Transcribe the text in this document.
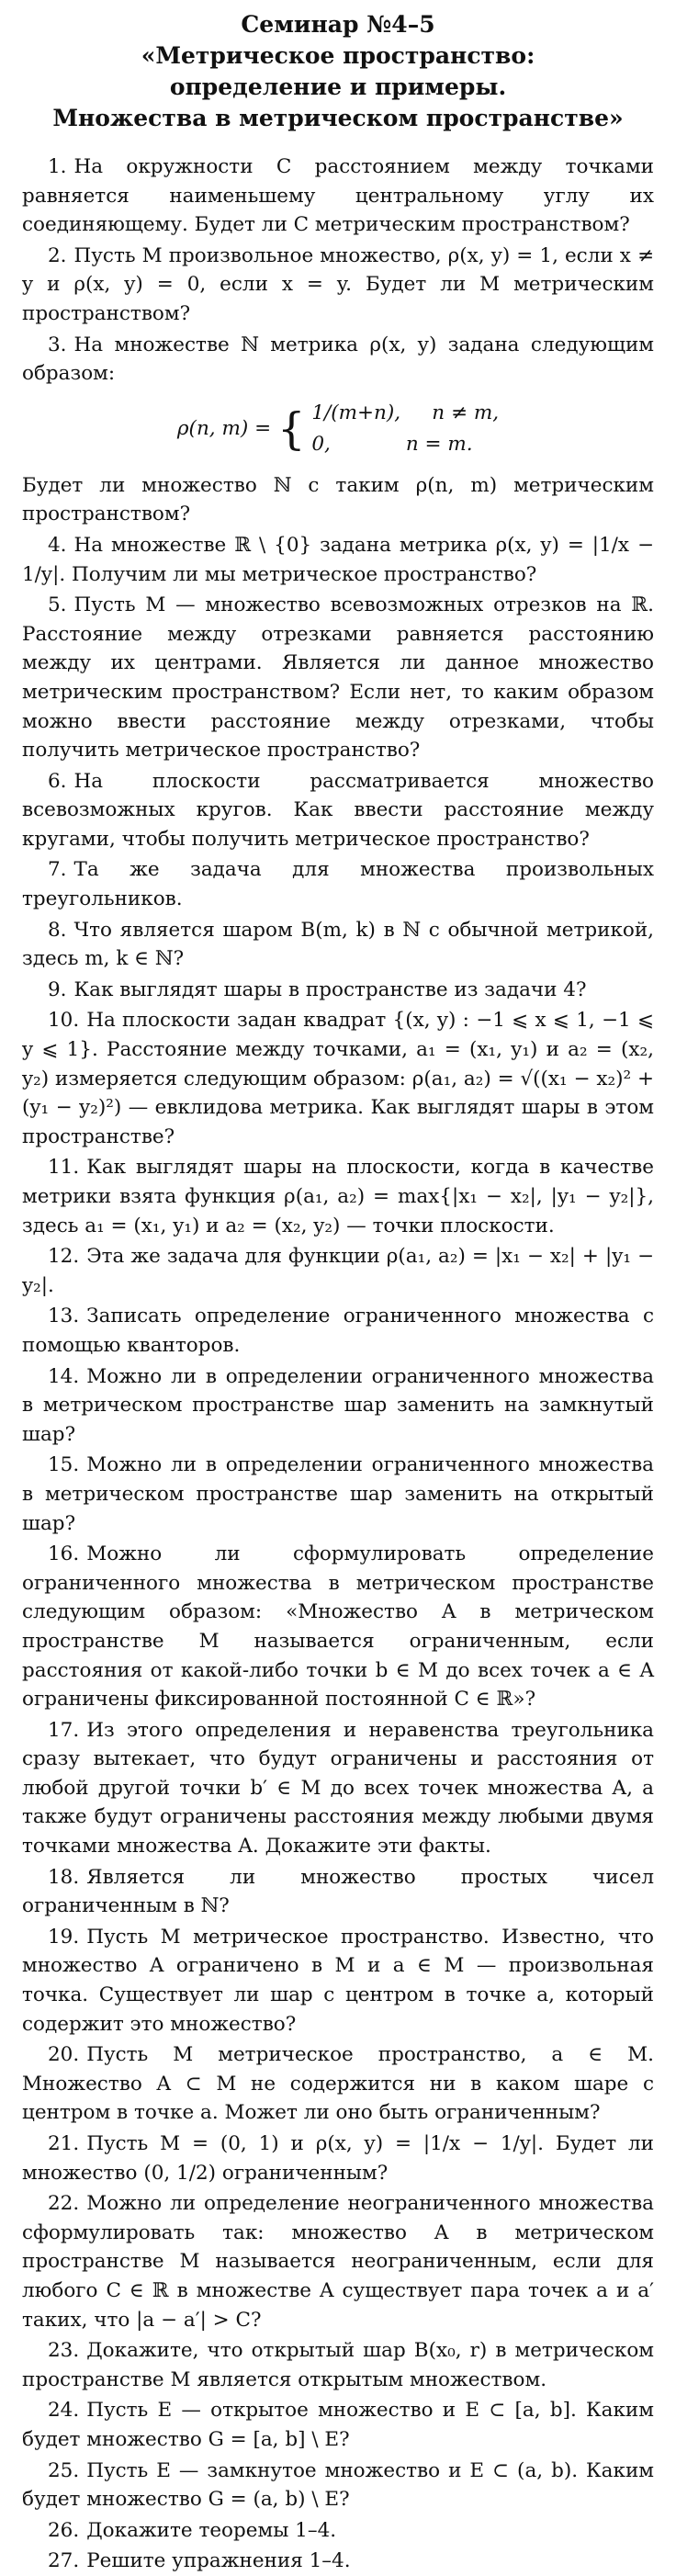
Семинар №4–5
«Метрическое пространство:
определение и примеры.
Множества в метрическом пространстве»

1. На окружности C расстоянием между точками равняется наименьшему центральному углу их соединяющему. Будет ли C метрическим пространством?

2. Пусть M произвольное множество, ρ(x, y) = 1, если x ≠ y и ρ(x, y) = 0, если x = y. Будет ли M метрическим пространством?

3. На множестве ℕ метрика ρ(x, y) задана следующим образом:

ρ(n, m) = { 1/(m+n), n ≠ m,
0,	n = m.

Будет ли множество ℕ с таким ρ(n, m) метрическим пространством?

4. На множестве ℝ \ {0} задана метрика ρ(x, y) = |1/x − 1/y|. Получим ли мы метрическое пространство?

5. Пусть M — множество всевозможных отрезков на ℝ. Расстояние между отрезками равняется расстоянию между их центрами. Является ли данное множество метрическим пространством? Если нет, то каким образом можно ввести расстояние между отрезками, чтобы получить метрическое пространство?

6. На плоскости рассматривается множество всевозможных кругов. Как ввести расстояние между кругами, чтобы получить метрическое пространство?

7. Та же задача для множества произвольных треугольников.

8. Что является шаром B(m, k) в ℕ с обычной метрикой, здесь m, k ∈ ℕ?

9. Как выглядят шары в пространстве из задачи 4?

10. На плоскости задан квадрат {(x, y) : −1 ⩽ x ⩽ 1, −1 ⩽ y ⩽ 1}. Расстояние между точками, a₁ = (x₁, y₁) и a₂ = (x₂, y₂) измеряется следующим образом: ρ(a₁, a₂) = √((x₁ − x₂)² + (y₁ − y₂)²) — евклидова метрика. Как выглядят шары в этом пространстве?

11. Как выглядят шары на плоскости, когда в качестве метрики взята функция ρ(a₁, a₂) = max{|x₁ − x₂|, |y₁ − y₂|}, здесь a₁ = (x₁, y₁) и a₂ = (x₂, y₂) — точки плоскости.

12. Эта же задача для функции ρ(a₁, a₂) = |x₁ − x₂| + |y₁ − y₂|.

13. Записать определение ограниченного множества с помощью кванторов.

14. Можно ли в определении ограниченного множества в метрическом пространстве шар заменить на замкнутый шар?

15. Можно ли в определении ограниченного множества в метрическом пространстве шар заменить на открытый шар?

16. Можно ли сформулировать определение ограниченного множества в метрическом пространстве следующим образом: «Множество A в метрическом пространстве M называется ограниченным, если расстояния от какой-либо точки b ∈ M до всех точек a ∈ A ограничены фиксированной постоянной C ∈ ℝ»?

17. Из этого определения и неравенства треугольника сразу вытекает, что будут ограничены и расстояния от любой другой точки b′ ∈ M до всех точек множества A, а также будут ограничены расстояния между любыми двумя точками множества A. Докажите эти факты.

18. Является ли множество простых чисел ограниченным в ℕ?

19. Пусть M метрическое пространство. Известно, что множество A ограничено в M и a ∈ M — произвольная точка. Существует ли шар с центром в точке a, который содержит это множество?

20. Пусть M метрическое пространство, a ∈ M. Множество A ⊂ M не содержится ни в каком шаре с центром в точке a. Может ли оно быть ограниченным?

21. Пусть M = (0, 1) и ρ(x, y) = |1/x − 1/y|. Будет ли множество (0, 1/2) ограниченным?

22. Можно ли определение неограниченного множества сформулировать так: множество A в метрическом пространстве M называется неограниченным, если для любого C ∈ ℝ в множестве A существует пара точек a и a′ таких, что |a − a′| > C?

23. Докажите, что открытый шар B(x₀, r) в метрическом пространстве M является открытым множеством.

24. Пусть E — открытое множество и E ⊂ [a, b]. Каким будет множество G = [a, b] \ E?

25. Пусть E — замкнутое множество и E ⊂ (a, b). Каким будет множество G = (a, b) \ E?

26. Докажите теоремы 1–4.

27. Решите упражнения 1–4.
